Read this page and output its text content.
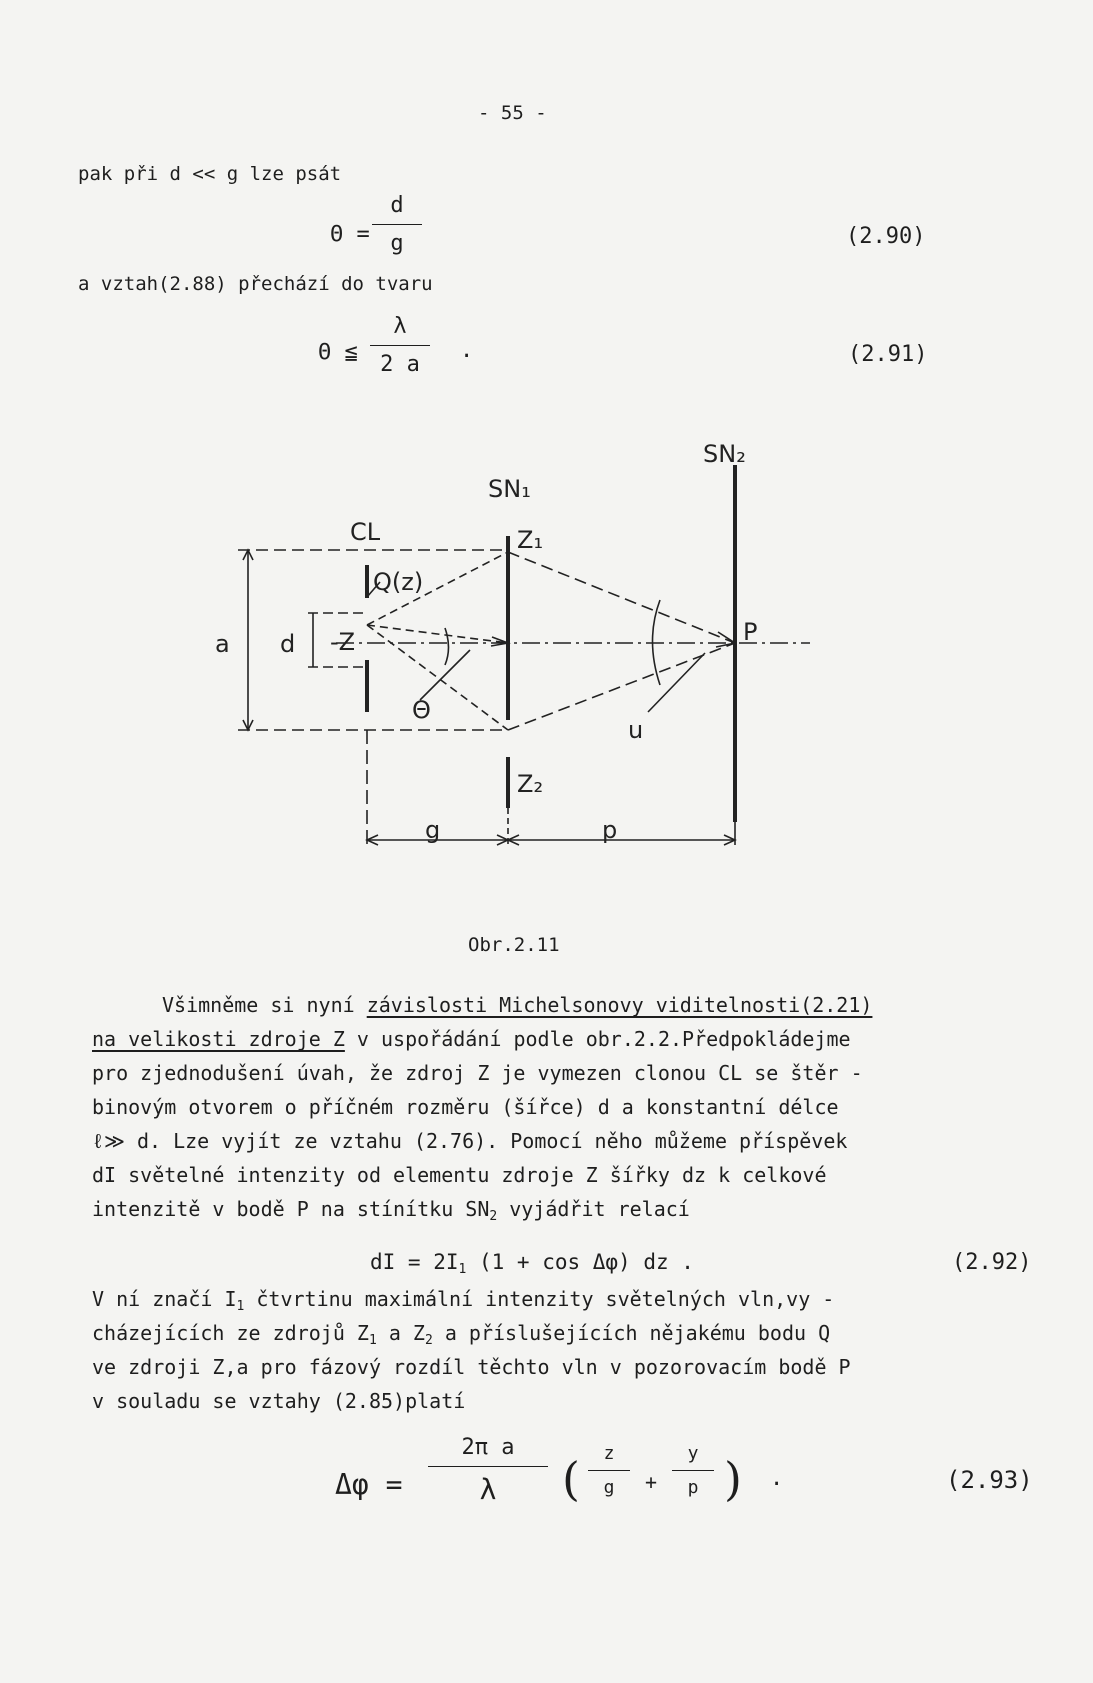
- 55 -
pak při d << g lze psát
Θ =
d
g	(2.90)
a vztah(2.88) přechází do tvaru
Θ ≦
λ
2 a
.	(2.91)
SN₂
SN₁
CL	Z₁
Q(z)
-Z
a d
Θ
u
P
Z₂
g	p
Obr.2.11
Všimněme si nyní závislosti Michelsonovy viditelnosti(2.21)
na velikosti zdroje Z v uspořádání podle obr.2.2.Předpokládejme
pro zjednodušení úvah, že zdroj Z je vymezen clonou CL se štěr -
binovým otvorem o příčném rozměru (šířce) d a konstantní délce
ℓ≫ d. Lze vyjít ze vztahu (2.76). Pomocí něho můžeme příspěvek
dI světelné intenzity od elementu zdroje Z šířky dz k celkové
intenzitě v bodě P na stínítku $SN_2$ vyjádřit relací
dI = $2I_1$ (1 + cos Δφ) dz .	(2.92)
V ní značí $I_1$ čtvrtinu maximální intenzity světelných vln,vy -
cházejících ze zdrojů $Z_1$ a $Z_2$ a příslušejících nějakému bodu Q
ve zdroji Z,a pro fázový rozdíl těchto vln v pozorovacím bodě P
v souladu se vztahy (2.85)platí
Δφ =
2π a
λ ( z
g +
y
p ) .	(2.93)
